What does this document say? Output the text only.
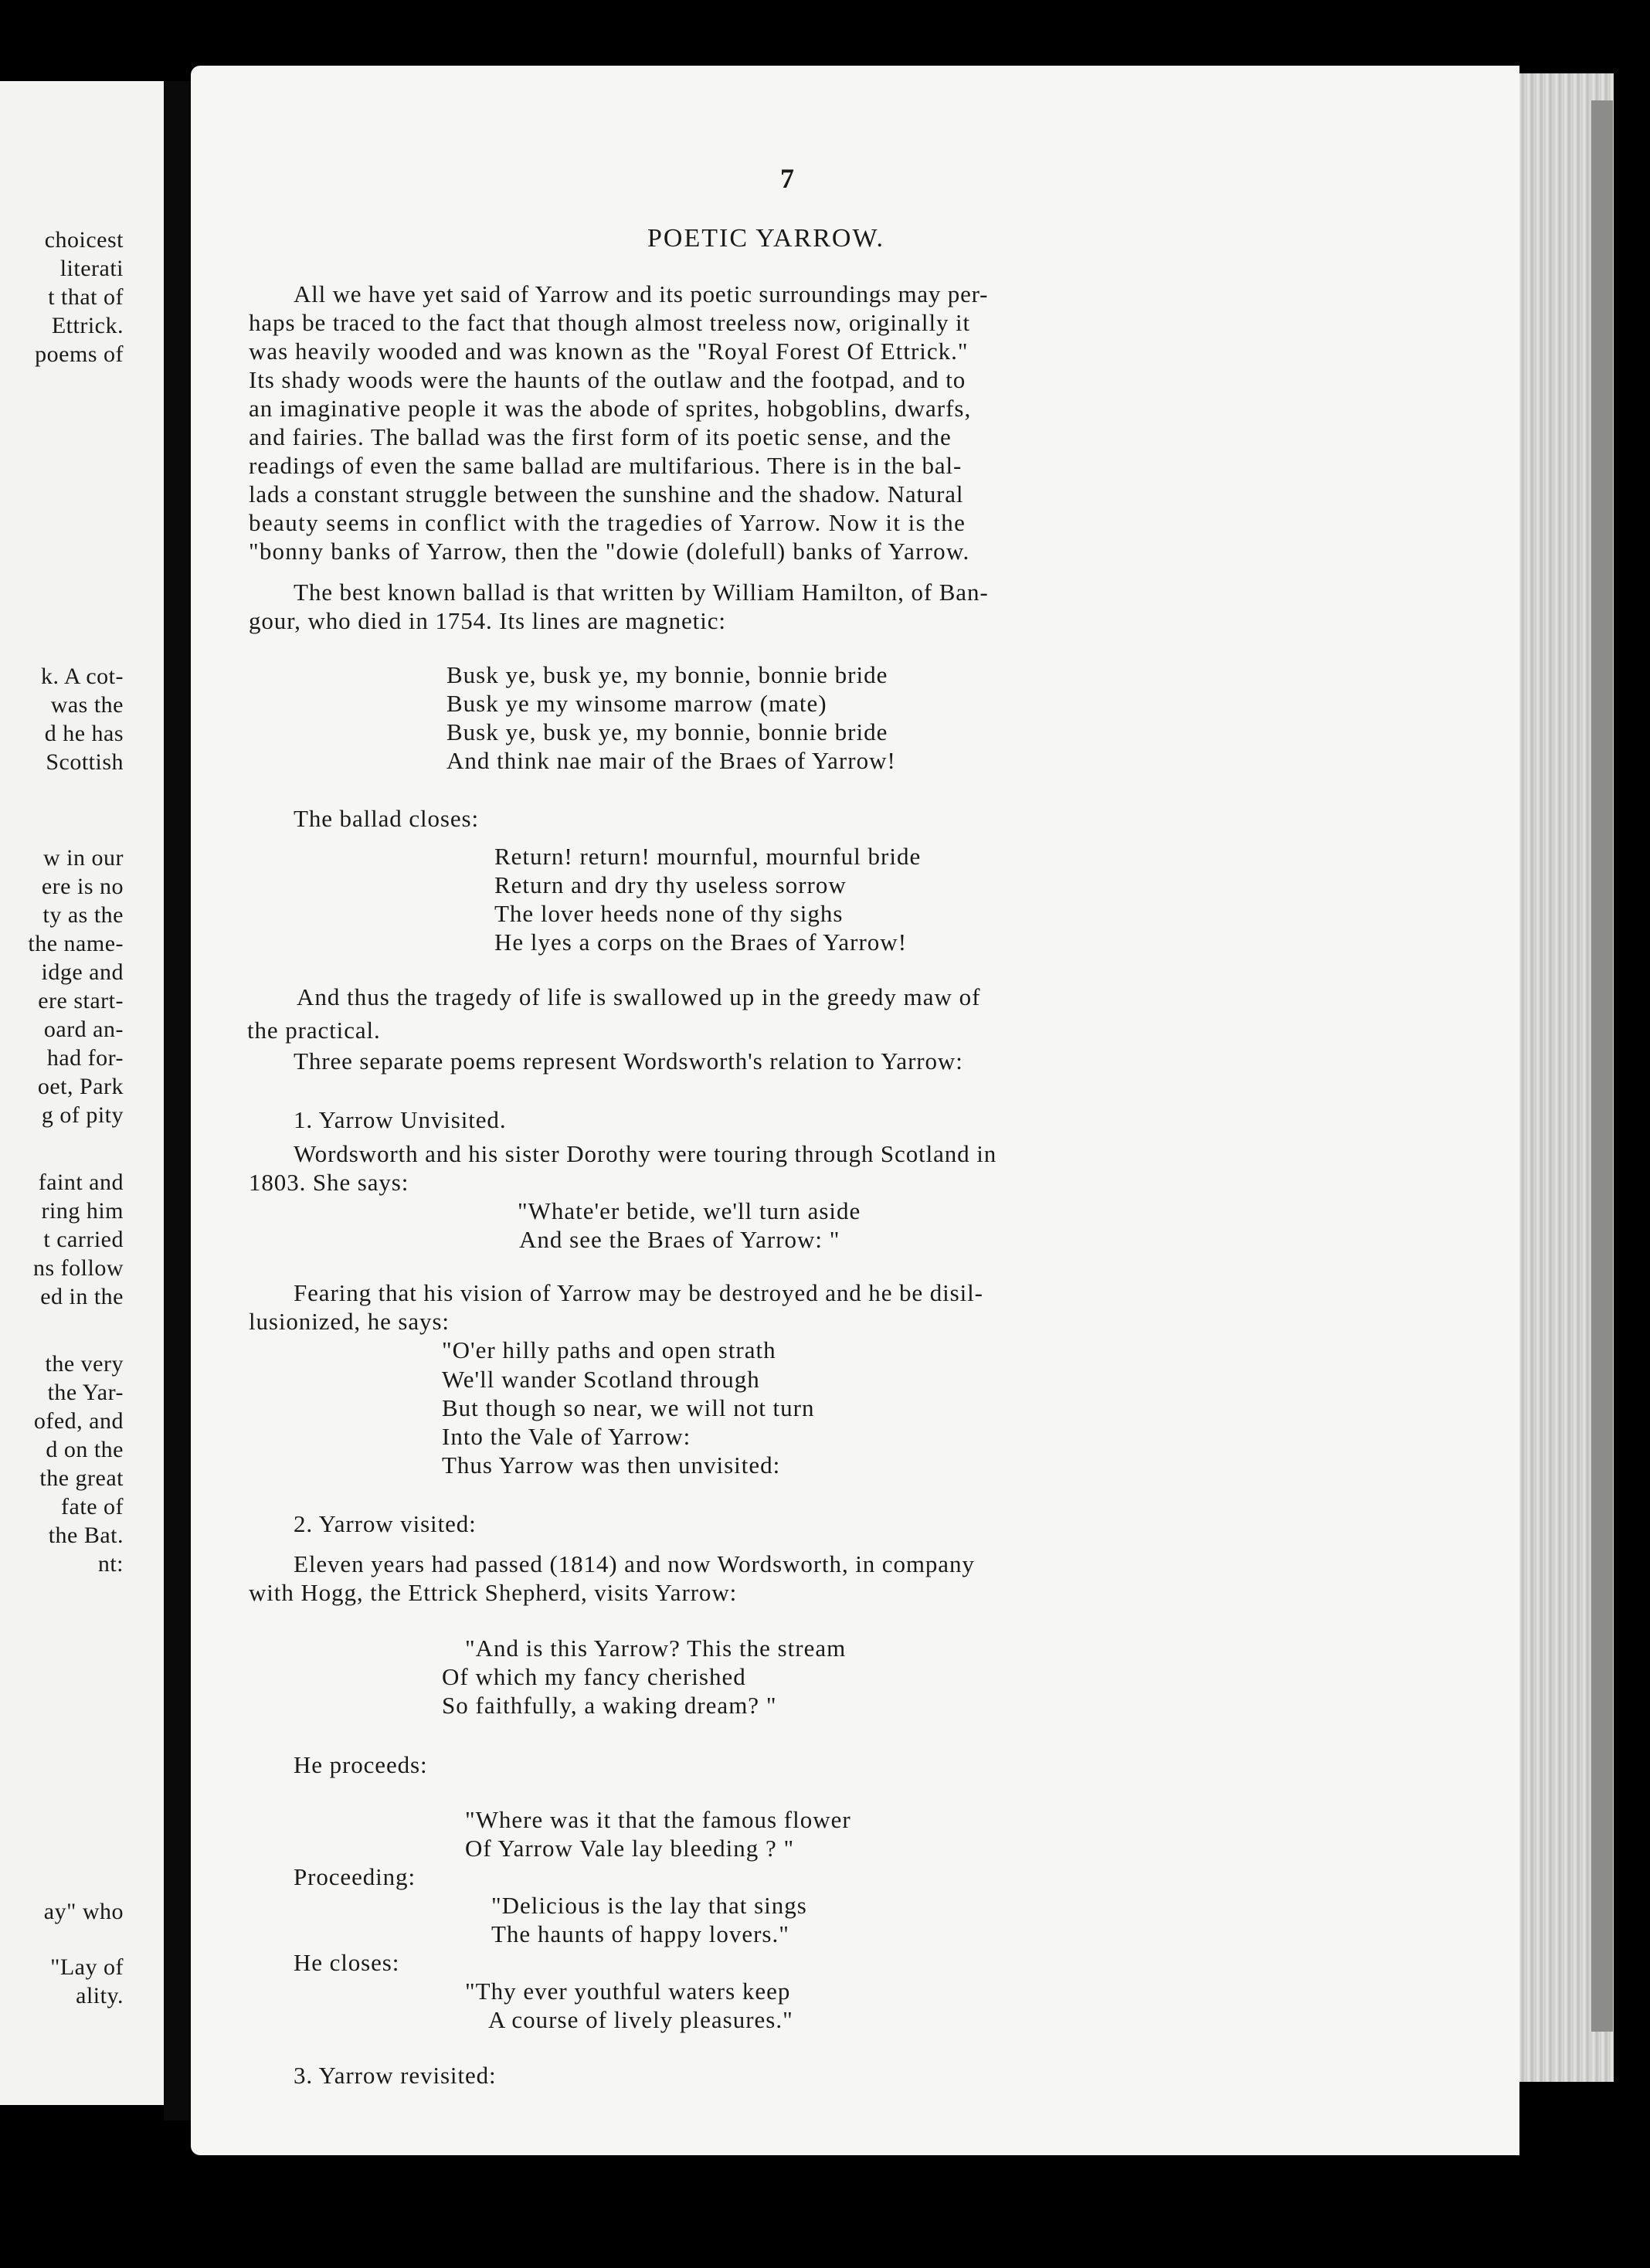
choicest
literati
t that of
Ettrick.
poems of
k. A cot-
was the
d he has
Scottish
w in our
ere is no
ty as the
the name-
idge and
ere start-
oard an-
had for-
oet, Park
g of pity
faint and
ring him
t carried
ns follow
ed in the
the very
the Yar-
ofed, and
d on the
the great
fate of
the Bat.
nt:
ay" who
"Lay of
ality.
7
POETIC YARROW.
All we have yet said of Yarrow and its poetic surroundings may per-
haps be traced to the fact that though almost treeless now, originally it
was heavily wooded and was known as the "Royal Forest Of Ettrick."
Its shady woods were the haunts of the outlaw and the footpad, and to
an imaginative people it was the abode of sprites, hobgoblins, dwarfs,
and fairies. The ballad was the first form of its poetic sense, and the
readings of even the same ballad are multifarious. There is in the bal-
lads a constant struggle between the sunshine and the shadow. Natural
beauty seems in conflict with the tragedies of Yarrow. Now it is the
"bonny banks of Yarrow, then the "dowie (dolefull) banks of Yarrow.
The best known ballad is that written by William Hamilton, of Ban-
gour, who died in 1754. Its lines are magnetic:
Busk ye, busk ye, my bonnie, bonnie bride
Busk ye my winsome marrow (mate)
Busk ye, busk ye, my bonnie, bonnie bride
And think nae mair of the Braes of Yarrow!
The ballad closes:
Return! return! mournful, mournful bride
Return and dry thy useless sorrow
The lover heeds none of thy sighs
He lyes a corps on the Braes of Yarrow!
And thus the tragedy of life is swallowed up in the greedy maw of
the practical.
Three separate poems represent Wordsworth's relation to Yarrow:
1. Yarrow Unvisited.
Wordsworth and his sister Dorothy were touring through Scotland in
1803. She says:
"Whate'er betide, we'll turn aside
And see the Braes of Yarrow: "
Fearing that his vision of Yarrow may be destroyed and he be disil-
lusionized, he says:
"O'er hilly paths and open strath
We'll wander Scotland through
But though so near, we will not turn
Into the Vale of Yarrow:
Thus Yarrow was then unvisited:
2. Yarrow visited:
Eleven years had passed (1814) and now Wordsworth, in company
with Hogg, the Ettrick Shepherd, visits Yarrow:
"And is this Yarrow? This the stream
Of which my fancy cherished
So faithfully, a waking dream? "
He proceeds:
"Where was it that the famous flower
Of Yarrow Vale lay bleeding ? "
Proceeding:
"Delicious is the lay that sings
The haunts of happy lovers."
He closes:
"Thy ever youthful waters keep
A course of lively pleasures."
3. Yarrow revisited:
